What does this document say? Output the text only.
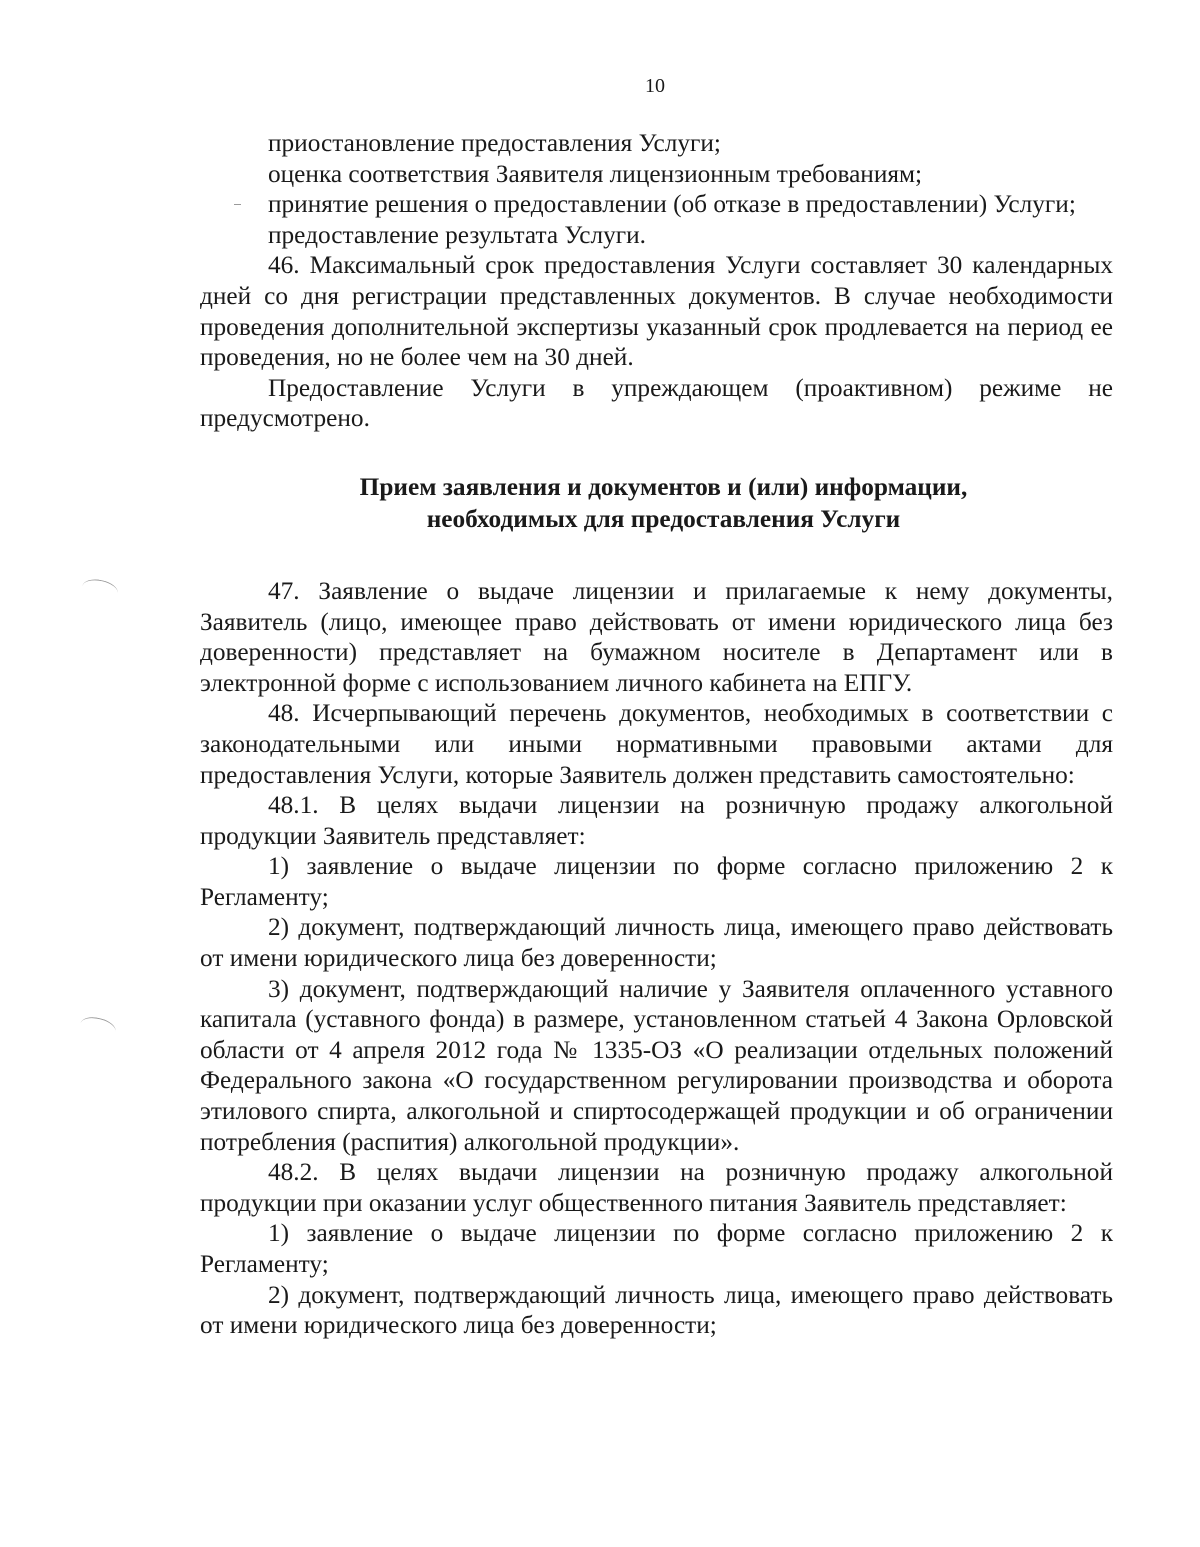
10

приостановление предоставления Услуги;

оценка соответствия Заявителя лицензионным требованиям;

принятие решения о предоставлении (об отказе в предоставлении) Услуги;

предоставление результата Услуги.

46. Максимальный срок предоставления Услуги составляет 30 календарных дней со дня регистрации представленных документов. В случае необходимости проведения дополнительной экспертизы указанный срок продлевается на период ее проведения, но не более чем на 30 дней.

Предоставление Услуги в упреждающем (проактивном) режиме не предусмотрено.

Прием заявления и документов и (или) информации,
необходимых для предоставления Услуги

47. Заявление о выдаче лицензии и прилагаемые к нему документы, Заявитель (лицо, имеющее право действовать от имени юридического лица без доверенности) представляет на бумажном носителе в Департамент или в электронной форме с использованием личного кабинета на ЕПГУ.

48. Исчерпывающий перечень документов, необходимых в соответствии с законодательными или иными нормативными правовыми актами для предоставления Услуги, которые Заявитель должен представить самостоятельно:

48.1. В целях выдачи лицензии на розничную продажу алкогольной продукции Заявитель представляет:

1) заявление о выдаче лицензии по форме согласно приложению 2 к Регламенту;

2) документ, подтверждающий личность лица, имеющего право действовать от имени юридического лица без доверенности;

3) документ, подтверждающий наличие у Заявителя оплаченного уставного капитала (уставного фонда) в размере, установленном статьей 4 Закона Орловской области от 4 апреля 2012 года № 1335-ОЗ «О реализации отдельных положений Федерального закона «О государственном регулировании производства и оборота этилового спирта, алкогольной и спиртосодержащей продукции и об ограничении потребления (распития) алкогольной продукции».

48.2. В целях выдачи лицензии на розничную продажу алкогольной продукции при оказании услуг общественного питания Заявитель представляет:

1) заявление о выдаче лицензии по форме согласно приложению 2 к Регламенту;

2) документ, подтверждающий личность лица, имеющего право действовать от имени юридического лица без доверенности;
